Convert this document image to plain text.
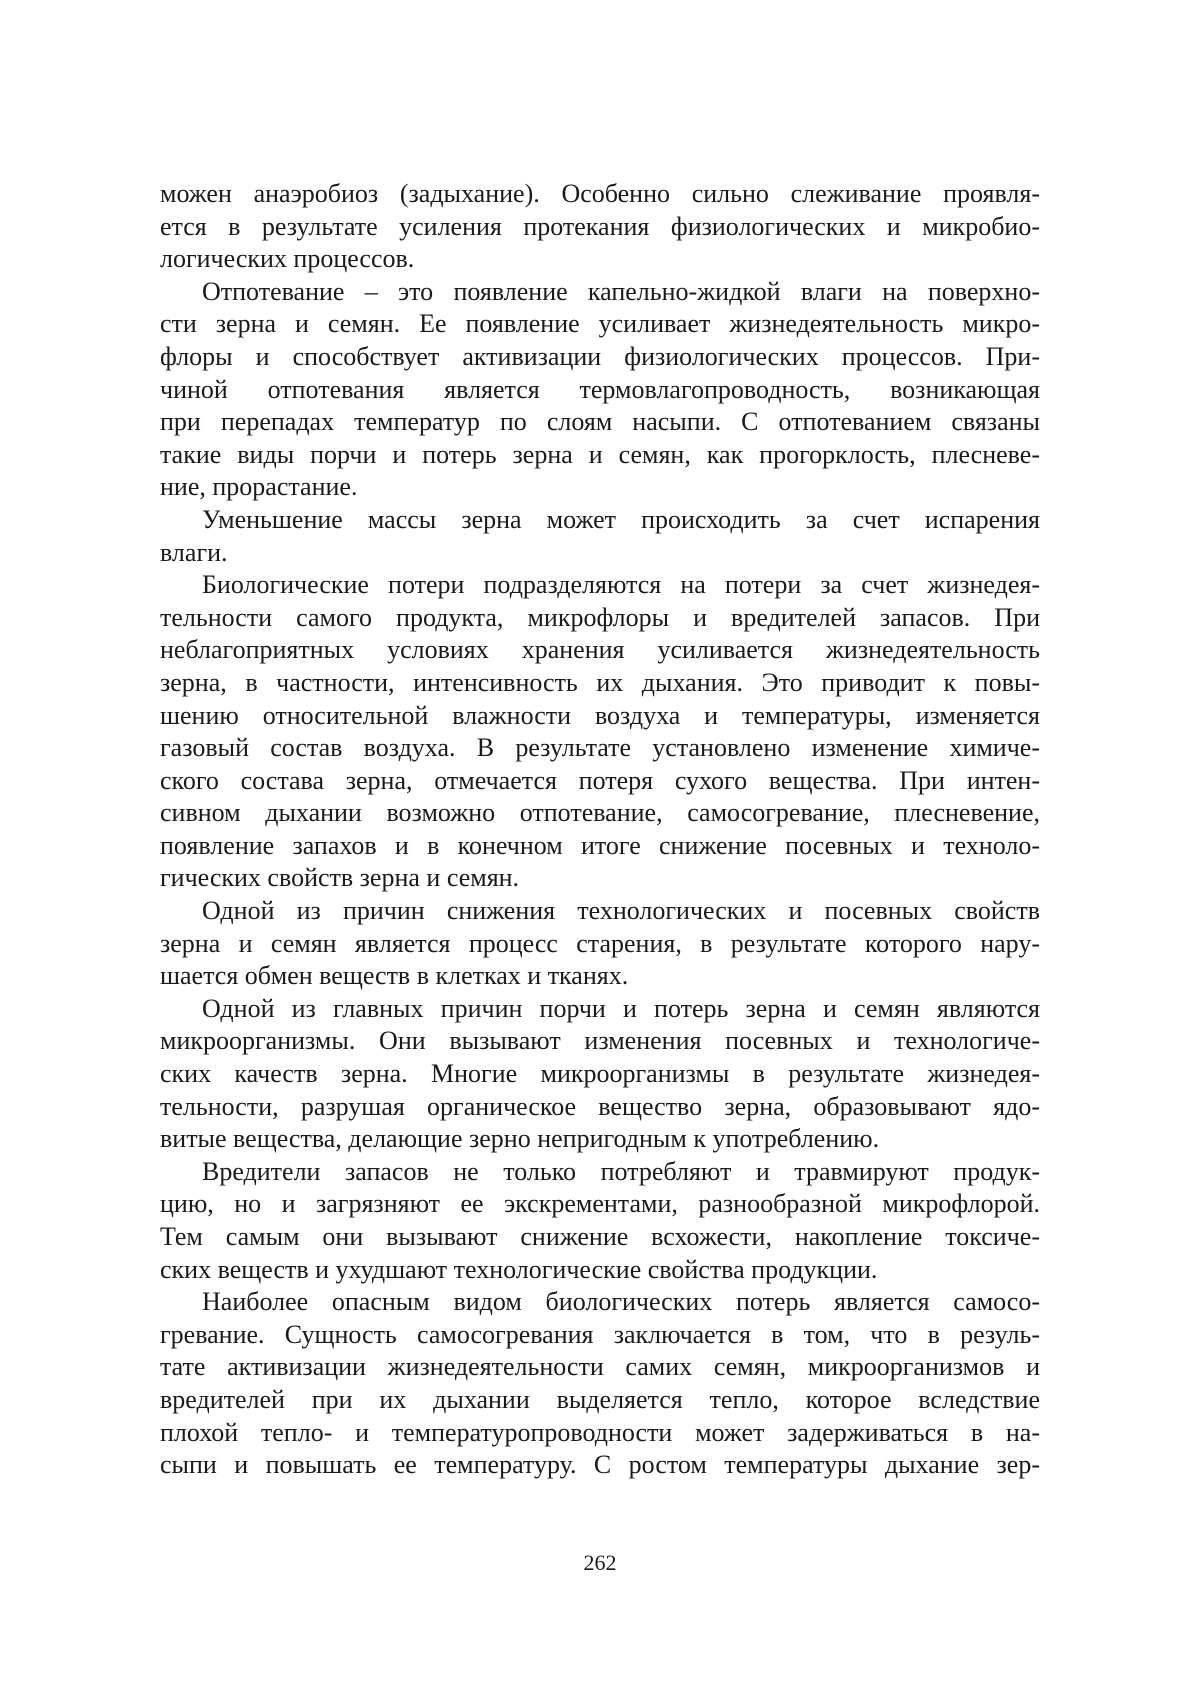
можен анаэробиоз (задыхание). Особенно сильно слеживание проявля-
ется в результате усиления протекания физиологических и микробио-
логических процессов.
Отпотевание – это появление капельно-жидкой влаги на поверхно-
сти зерна и семян. Ее появление усиливает жизнедеятельность микро-
флоры и способствует активизации физиологических процессов. При-
чиной отпотевания является термовлагопроводность, возникающая
при перепадах температур по слоям насыпи. С отпотеванием связаны
такие виды порчи и потерь зерна и семян, как прогорклость, плесневе-
ние, прорастание.
Уменьшение массы зерна может происходить за счет испарения
влаги.
Биологические потери подразделяются на потери за счет жизнедея-
тельности самого продукта, микрофлоры и вредителей запасов. При
неблагоприятных условиях хранения усиливается жизнедеятельность
зерна, в частности, интенсивность их дыхания. Это приводит к повы-
шению относительной влажности воздуха и температуры, изменяется
газовый состав воздуха. В результате установлено изменение химиче-
ского состава зерна, отмечается потеря сухого вещества. При интен-
сивном дыхании возможно отпотевание, самосогревание, плесневение,
появление запахов и в конечном итоге снижение посевных и техноло-
гических свойств зерна и семян.
Одной из причин снижения технологических и посевных свойств
зерна и семян является процесс старения, в результате которого нару-
шается обмен веществ в клетках и тканях.
Одной из главных причин порчи и потерь зерна и семян являются
микроорганизмы. Они вызывают изменения посевных и технологиче-
ских качеств зерна. Многие микроорганизмы в результате жизнедея-
тельности, разрушая органическое вещество зерна, образовывают ядо-
витые вещества, делающие зерно непригодным к употреблению.
Вредители запасов не только потребляют и травмируют продук-
цию, но и загрязняют ее экскрементами, разнообразной микрофлорой.
Тем самым они вызывают снижение всхожести, накопление токсиче-
ских веществ и ухудшают технологические свойства продукции.
Наиболее опасным видом биологических потерь является самосо-
гревание. Сущность самосогревания заключается в том, что в резуль-
тате активизации жизнедеятельности самих семян, микроорганизмов и
вредителей при их дыхании выделяется тепло, которое вследствие
плохой тепло- и температуропроводности может задерживаться в на-
сыпи и повышать ее температуру. С ростом температуры дыхание зер-
262
